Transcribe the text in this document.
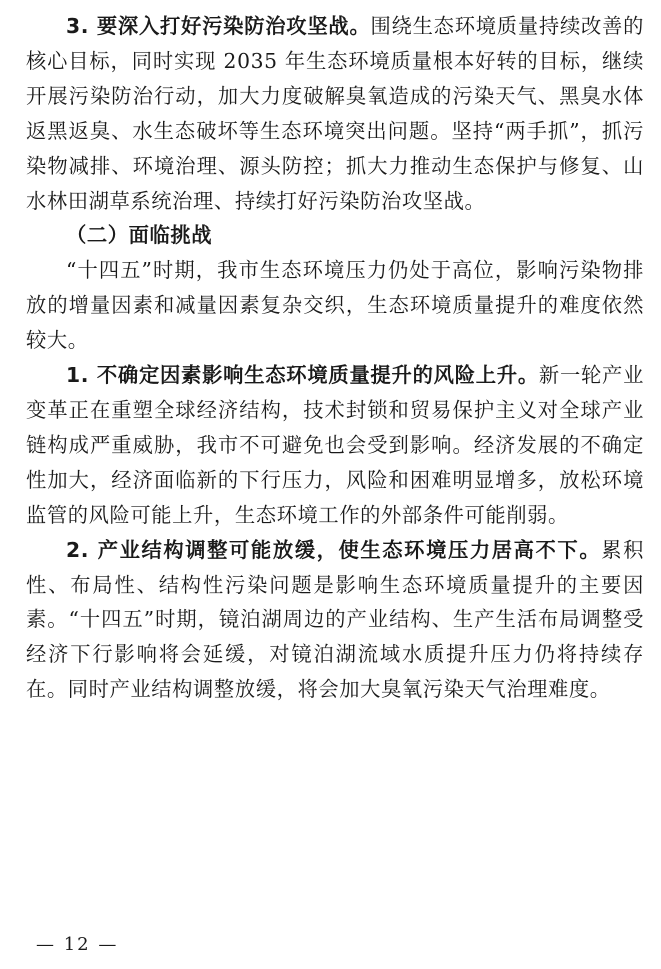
3. 要深入打好污染防治攻坚战。围绕生态环境质量持续改善的核心目标，同时实现 2035 年生态环境质量根本好转的目标，继续开展污染防治行动，加大力度破解臭氧造成的污染天气、黑臭水体返黑返臭、水生态破坏等生态环境突出问题。坚持“两手抓”，抓污染物减排、环境治理、源头防控；抓大力推动生态保护与修复、山水林田湖草系统治理、持续打好污染防治攻坚战。

（二）面临挑战

“十四五”时期，我市生态环境压力仍处于高位，影响污染物排放的增量因素和减量因素复杂交织，生态环境质量提升的难度依然较大。

1. 不确定因素影响生态环境质量提升的风险上升。新一轮产业变革正在重塑全球经济结构，技术封锁和贸易保护主义对全球产业链构成严重威胁，我市不可避免也会受到影响。经济发展的不确定性加大，经济面临新的下行压力，风险和困难明显增多，放松环境监管的风险可能上升，生态环境工作的外部条件可能削弱。

2. 产业结构调整可能放缓，使生态环境压力居高不下。累积性、布局性、结构性污染问题是影响生态环境质量提升的主要因素。“十四五”时期，镜泊湖周边的产业结构、生产生活布局调整受经济下行影响将会延缓，对镜泊湖流域水质提升压力仍将持续存在。同时产业结构调整放缓，将会加大臭氧污染天气治理难度。

— 12 —
